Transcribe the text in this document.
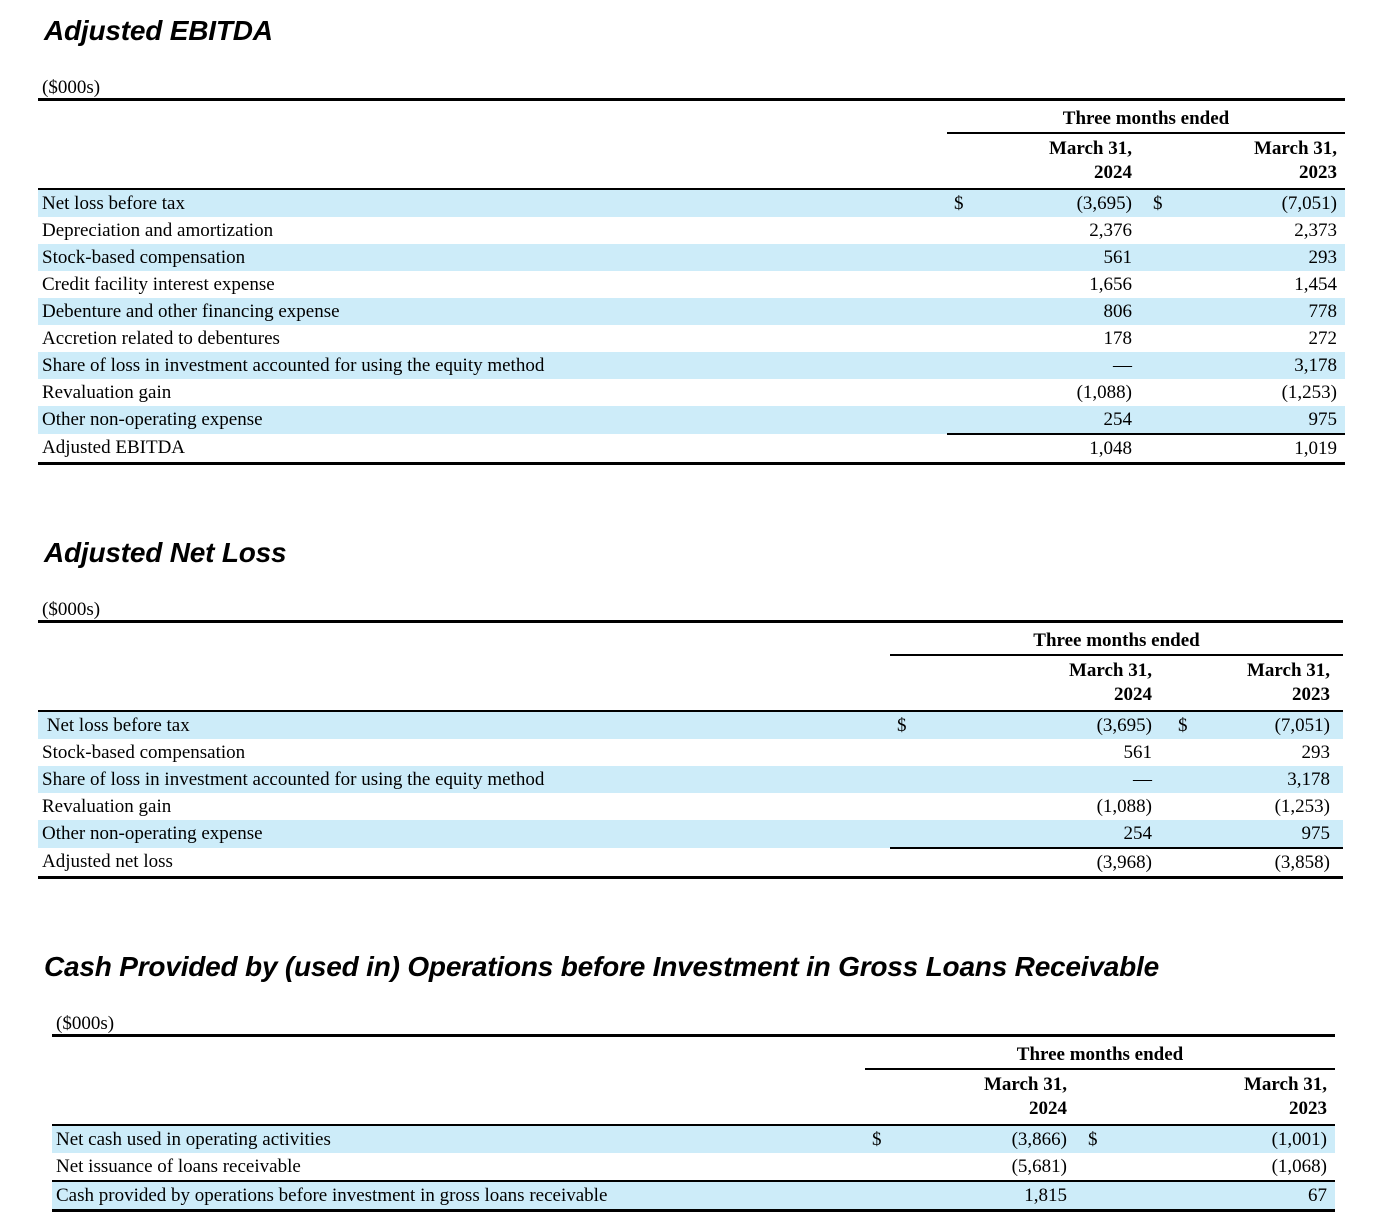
Adjusted EBITDA
($000s)
	Three months ended			
	March 31,
2024		March 31,
2023	
Net loss before tax	$	(3,695)	$	(7,051)
Depreciation and amortization		2,376		2,373
Stock-based compensation		561		293
Credit facility interest expense		1,656		1,454
Debenture and other financing expense		806		778
Accretion related to debentures		178		272
Share of loss in investment accounted for using the equity method		—		3,178
Revaluation gain		(1,088)		(1,253)
Other non-operating expense		254		975
Adjusted EBITDA		1,048		1,019
Adjusted Net Loss
($000s)
	Three months ended			
	March 31,
2024		March 31,
2023	
Net loss before tax	$	(3,695)	$	(7,051)
Stock-based compensation		561		293
Share of loss in investment accounted for using the equity method		—		3,178
Revaluation gain		(1,088)		(1,253)
Other non-operating expense		254		975
Adjusted net loss		(3,968)		(3,858)
Cash Provided by (used in) Operations before Investment in Gross Loans Receivable
($000s)
	Three months ended			
	March 31,
2024		March 31,
2023	
Net cash used in operating activities	$	(3,866)	$	(1,001)
Net issuance of loans receivable		(5,681)		(1,068)
Cash provided by operations before investment in gross loans receivable		1,815		67
